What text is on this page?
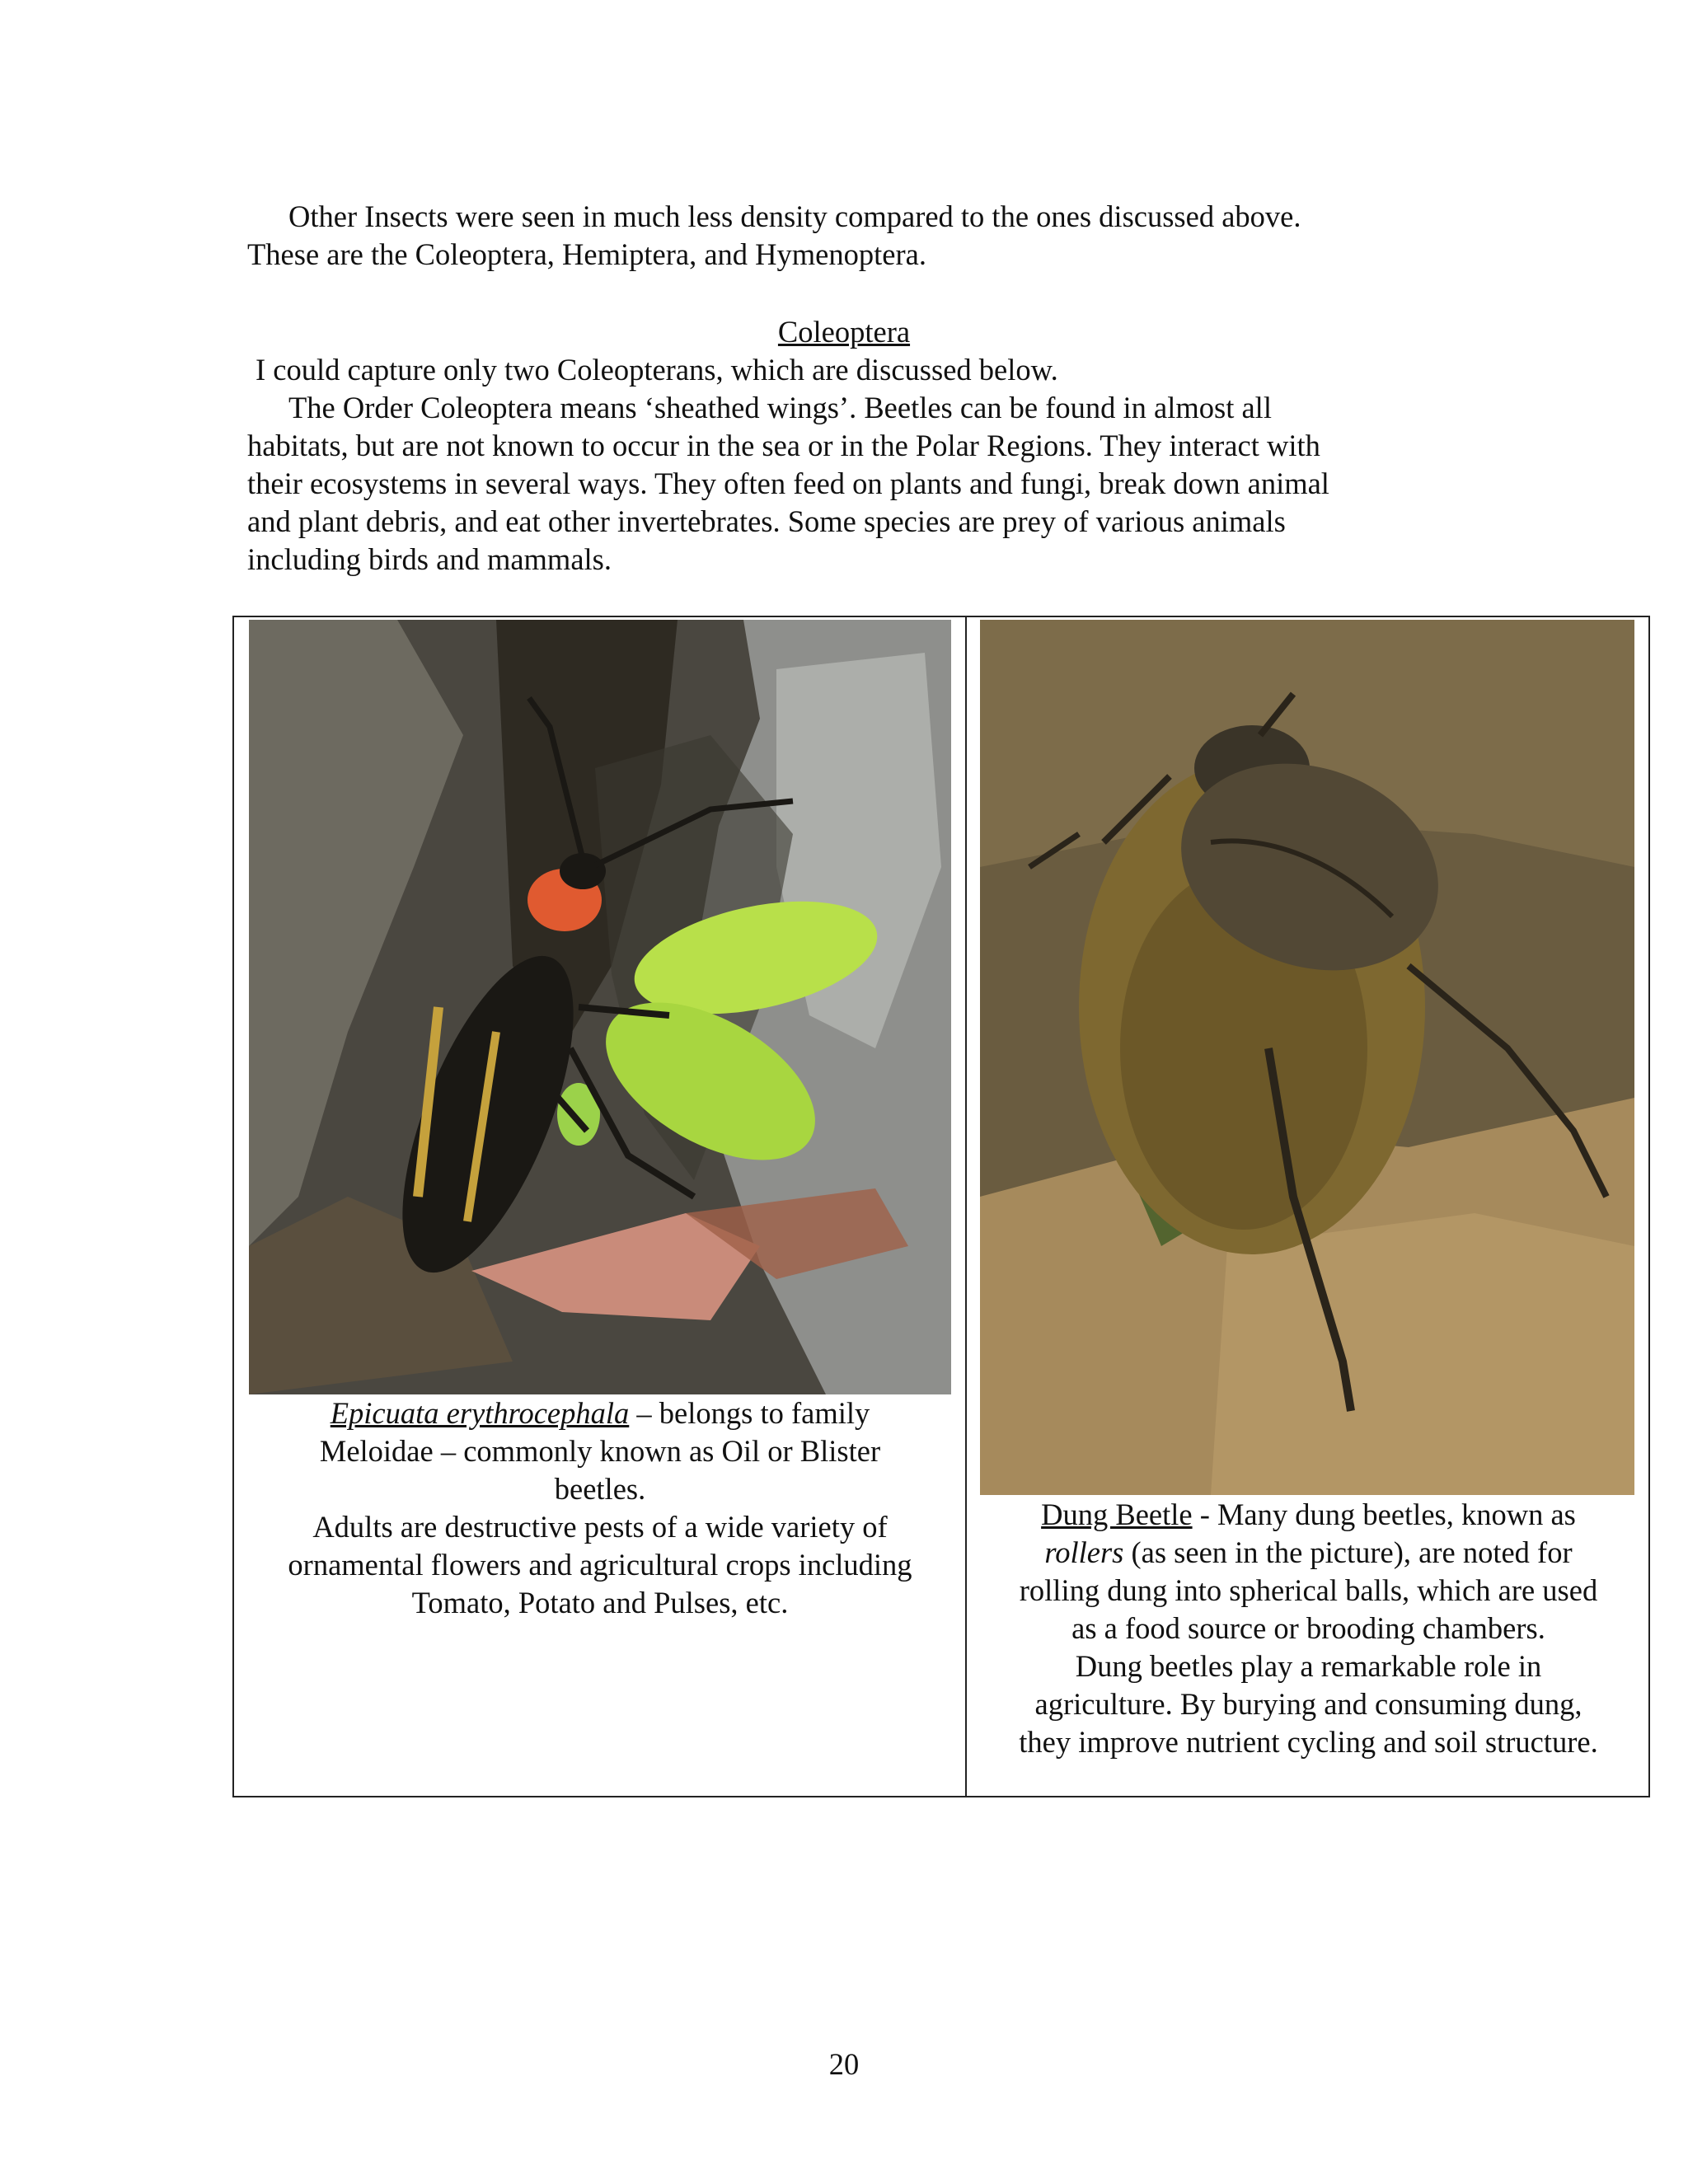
Other Insects were seen in much less density compared to the ones discussed above.

These are the Coleoptera, Hemiptera, and Hymenoptera.

Coleoptera

I could capture only two Coleopterans, which are discussed below.

The Order Coleoptera means ‘sheathed wings’. Beetles can be found in almost all

habitats, but are not known to occur in the sea or in the Polar Regions. They interact with

their ecosystems in several ways. They often feed on plants and fungi, break down animal

and plant debris, and eat other invertebrates. Some species are prey of various animals

including birds and mammals.

Epicuata erythrocephala – belongs to family

Meloidae – commonly known as Oil or Blister

beetles.

Adults are destructive pests of a wide variety of

ornamental flowers and agricultural crops including

Tomato, Potato and Pulses, etc.

Dung Beetle - Many dung beetles, known as

rollers (as seen in the picture), are noted for

rolling dung into spherical balls, which are used

as a food source or brooding chambers.

Dung beetles play a remarkable role in

agriculture. By burying and consuming dung,

they improve nutrient cycling and soil structure.

20
